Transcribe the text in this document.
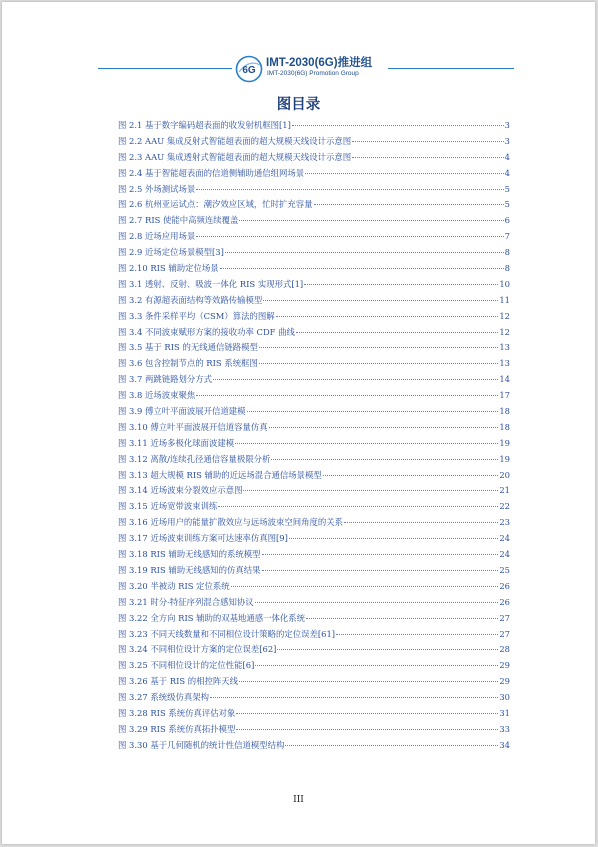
6G
IMT-2030(6G)推进组
IMT-2030(6G) Promotion Group
图目录
图 2.1 基于数字编码超表面的收发射机框图[1]	3
图 2.2 AAU 集成反射式智能超表面的超大规模天线设计示意图	3
图 2.3 AAU 集成透射式智能超表面的超大规模天线设计示意图	4
图 2.4 基于智能超表面的信道侧辅助通信组网场景	4
图 2.5 外场测试场景	5
图 2.6 杭州亚运试点：潮汐效应区域，忙时扩充容量	5
图 2.7 RIS 使能中高频连续覆盖	6
图 2.8 近场应用场景	7
图 2.9 近场定位场景模型[3]	8
图 2.10 RIS 辅助定位场景	8
图 3.1 透射、反射、吸波一体化 RIS 实现形式[1]	10
图 3.2 有源超表面结构等效路传输模型	11
图 3.3 条件采样平均（CSM）算法的图解	12
图 3.4 不同波束赋形方案的接收功率 CDF 曲线	12
图 3.5 基于 RIS 的无线通信链路模型	13
图 3.6 包含控制节点的 RIS 系统框图	13
图 3.7 两跳链路划分方式	14
图 3.8 近场波束聚焦	17
图 3.9 傅立叶平面波展开信道建模	18
图 3.10 傅立叶平面波展开信道容量仿真	18
图 3.11 近场多极化球面波建模	19
图 3.12 离散/连续孔径通信容量极限分析	19
图 3.13 超大规模 RIS 辅助的近远场混合通信场景模型	20
图 3.14 近场波束分裂效应示意图	21
图 3.15 近场宽带波束训练	22
图 3.16 近场用户的能量扩散效应与远场波束空间角度的关系	23
图 3.17 近场波束训练方案可达速率仿真图[9]	24
图 3.18 RIS 辅助无线感知的系统模型	24
图 3.19 RIS 辅助无线感知的仿真结果	25
图 3.20 半被动 RIS 定位系统	26
图 3.21 时分-特征序列混合感知协议	26
图 3.22 全方向 RIS 辅助的双基地通感一体化系统	27
图 3.23 不同天线数量和不同相位设计策略的定位误差[61]	27
图 3.24 不同相位设计方案的定位误差[62]	28
图 3.25 不同相位设计的定位性能[6]	29
图 3.26 基于 RIS 的相控阵天线	29
图 3.27 系统级仿真架构	30
图 3.28 RIS 系统仿真评估对象	31
图 3.29 RIS 系统仿真拓扑模型	33
图 3.30 基于几何随机的统计性信道模型结构	34
III
